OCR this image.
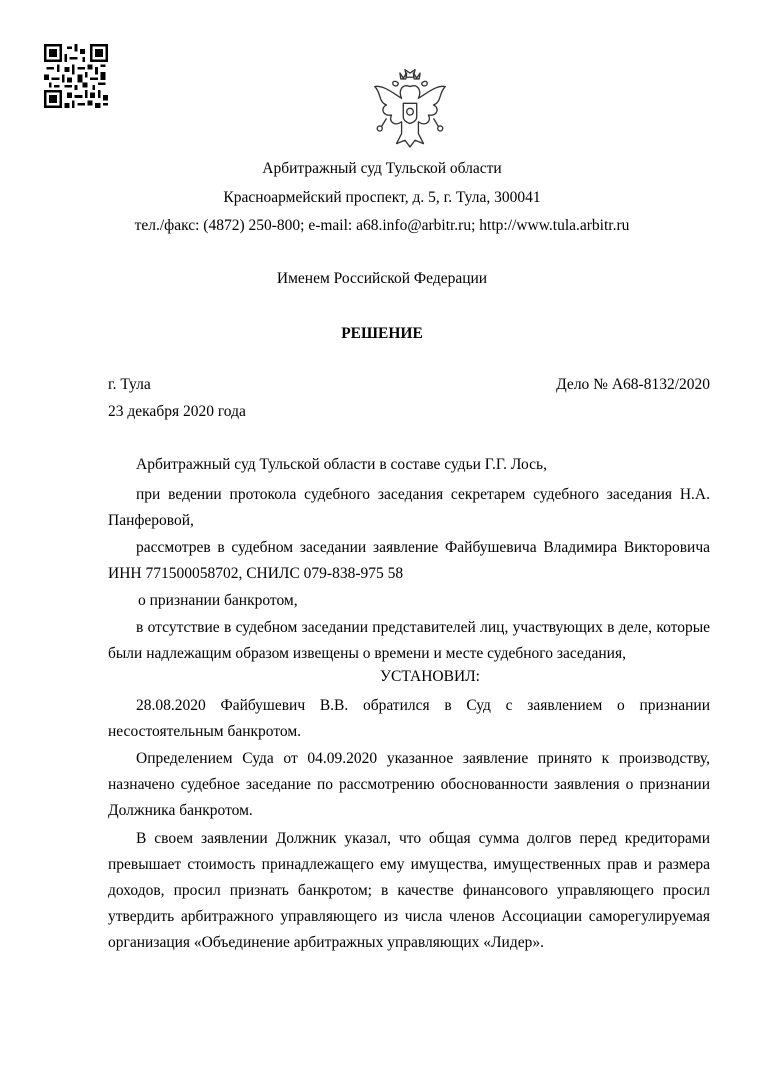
Арбитражный суд Тульской области
Красноармейский проспект, д. 5, г. Тула, 300041
тел./факс: (4872) 250-800; e-mail: a68.info@arbitr.ru; http://www.tula.arbitr.ru
Именем Российской Федерации
РЕШЕНИЕ
г. Тула	Дело № А68-8132/2020
23 декабря 2020 года
Арбитражный суд Тульской области в составе судьи Г.Г. Лось,
при ведении протокола судебного заседания секретарем судебного заседания Н.А. Панферовой,
рассмотрев в судебном заседании заявление Файбушевича Владимира Викторовича ИНН 771500058702, СНИЛС 079-838-975 58
о признании банкротом,
в отсутствие в судебном заседании представителей лиц, участвующих в деле, которые были надлежащим образом извещены о времени и месте судебного заседания,
УСТАНОВИЛ:
28.08.2020 Файбушевич В.В. обратился в Суд с заявлением о признании несостоятельным банкротом.
Определением Суда от 04.09.2020 указанное заявление принято к производству, назначено судебное заседание по рассмотрению обоснованности заявления о признании Должника банкротом.
В своем заявлении Должник указал, что общая сумма долгов перед кредиторами превышает стоимость принадлежащего ему имущества, имущественных прав и размера доходов, просил признать банкротом; в качестве финансового управляющего просил утвердить арбитражного управляющего из числа членов Ассоциации саморегулируемая организация «Объединение арбитражных управляющих «Лидер».
